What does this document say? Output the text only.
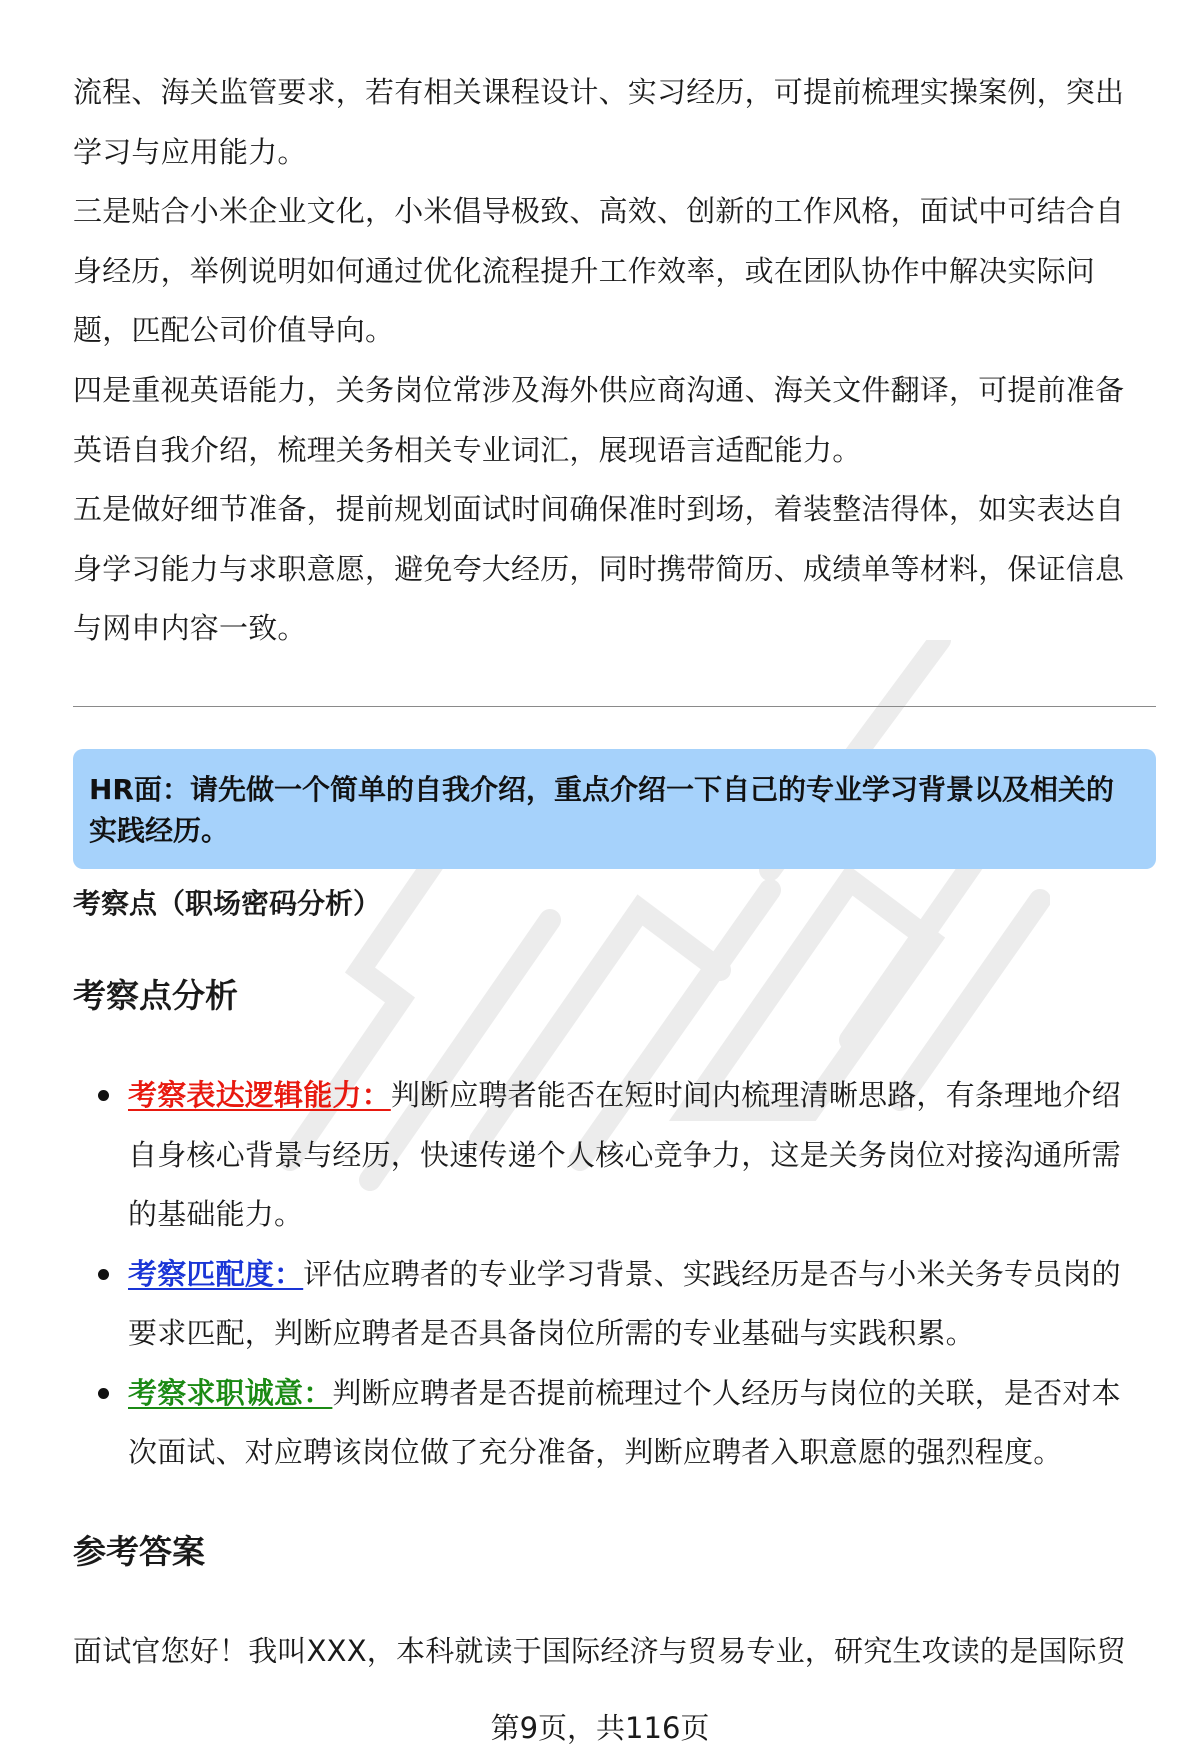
流程、海关监管要求，若有相关课程设计、实习经历，可提前梳理实操案例，突出学习与应用能力。

三是贴合小米企业文化，小米倡导极致、高效、创新的工作风格，面试中可结合自身经历，举例说明如何通过优化流程提升工作效率，或在团队协作中解决实际问题，匹配公司价值导向。

四是重视英语能力，关务岗位常涉及海外供应商沟通、海关文件翻译，可提前准备英语自我介绍，梳理关务相关专业词汇，展现语言适配能力。

五是做好细节准备，提前规划面试时间确保准时到场，着装整洁得体，如实表达自身学习能力与求职意愿，避免夸大经历，同时携带简历、成绩单等材料，保证信息与网申内容一致。

HR面：请先做一个简单的自我介绍，重点介绍一下自己的专业学习背景以及相关的实践经历。
考察点（职场密码分析）
考察点分析
考察表达逻辑能力：判断应聘者能否在短时间内梳理清晰思路，有条理地介绍自身核心背景与经历，快速传递个人核心竞争力，这是关务岗位对接沟通所需的基础能力。
考察匹配度：评估应聘者的专业学习背景、实践经历是否与小米关务专员岗的要求匹配，判断应聘者是否具备岗位所需的专业基础与实践积累。
考察求职诚意：判断应聘者是否提前梳理过个人经历与岗位的关联，是否对本次面试、对应聘该岗位做了充分准备，判断应聘者入职意愿的强烈程度。
参考答案

面试官您好！我叫XXX，本科就读于国际经济与贸易专业，研究生攻读的是国际贸

第9页，共116页
